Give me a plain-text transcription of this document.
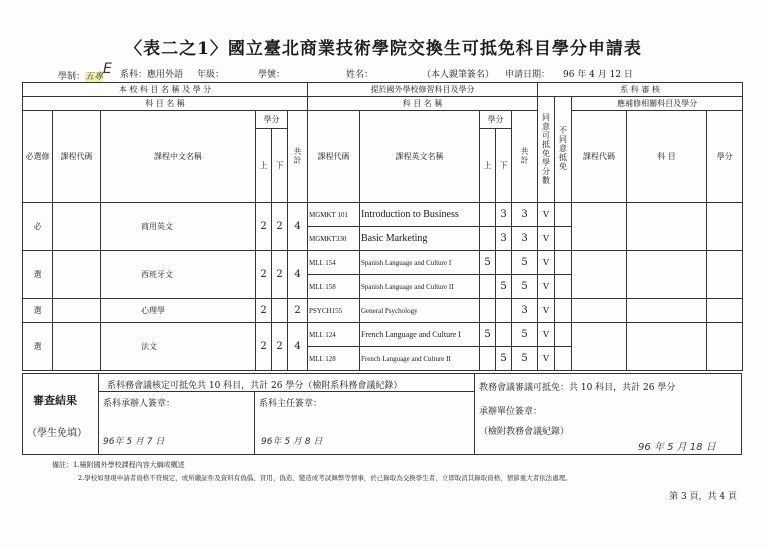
〈表二之1〉國立臺北商業技術學院交換生可抵免科目學分申請表
學制：五專E 系科：應用外語 年級：	學號：	姓名：	（本人親筆簽名） 申請日期： 96 年 4 月 12 日
本 校 科 目 名 稱 及 學 分						提於國外學校修習科目及學分					系 科 審 核				
科 目 名 稱						科 目 名 稱					同意可抵免學分數	不同意抵免	應補修相關科目及學分		
必選修	課程代碼	課程中文名稱	學分		共計	課程代碼	課程英文名稱	學分		共計			課程代碼	科 目	學分
			上	下				上	下						
必		商用英文	2	2	4	MGMKT 101	Introduction to Business		3	3	V				
						MGMKT330	Basic Marketing		3	3	V				
選		西班牙文	2	2	4	MLL 154	Spanish Language and Culture I	5		5	V				
						MLL 158	Spanish Language and Culture II		5	5	V				
選		心理學	2		2	PSYCH155	General Psychology			3	V				
選		法文	2	2	4	MLL 124	French Language and Culture I	5		5	V				
						MLL 128	French Language and Culture II		5	5	V				
審查結果
（學生免填）
系科務會議核定可抵免共 10 科目，共計 26 學分（檢附系科務會議紀錄）
系科承辦人簽章：
96年 5 月 7 日
系科主任簽章：
96年 5 月 8 日
教務會議審議可抵免：共 10 科目，共計 26 學分
承辦單位簽章：
（檢附教務會議紀錄）
96 年 5 月 18 日
備註：1.檢附國外學校課程內容大綱或概述
2.學校如發現申請者資格不符規定，或所繳証件及資料有偽僞、冒用、偽造、變造或考試舞弊等情事，於已錄取為交換學生者，立即取消其錄取資格，情節重大者依法處理。
第 3 頁，共 4 頁
